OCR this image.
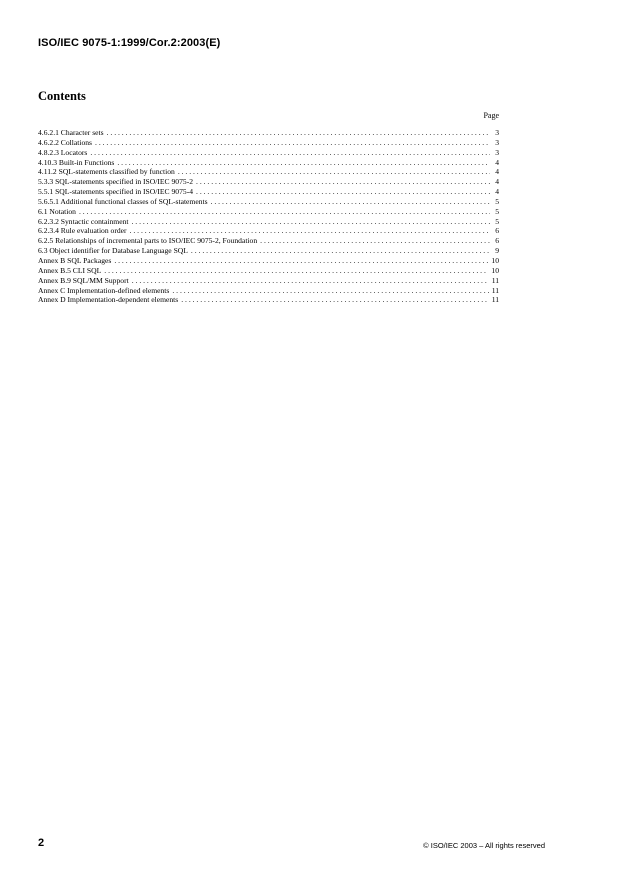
ISO/IEC 9075-1:1999/Cor.2:2003(E)
Contents
Page
4.6.2.1 Character sets . . .	3
4.6.2.2 Collations . . .	3
4.8.2.3 Locators . . .	3
4.10.3 Built-in Functions . . .	4
4.11.2 SQL-statements classified by function . . .	4
5.3.3 SQL-statements specified in ISO/IEC 9075-2 . . .	4
5.5.1 SQL-statements specified in ISO/IEC 9075-4 . . .	4
5.6.5.1 Additional functional classes of SQL-statements . . .	5
6.1 Notation . . .	5
6.2.3.2 Syntactic containment . . .	5
6.2.3.4 Rule evaluation order . . .	6
6.2.5 Relationships of incremental parts to ISO/IEC 9075-2, Foundation . . .	6
6.3 Object identifier for Database Language SQL . . .	9
Annex B SQL Packages . . .	10
Annex B.5 CLI SQL . . .	10
Annex B.9 SQL/MM Support . . .	11
Annex C Implementation-defined elements . . .	11
Annex D Implementation-dependent elements . . .	11
2	© ISO/IEC 2003 – All rights reserved
